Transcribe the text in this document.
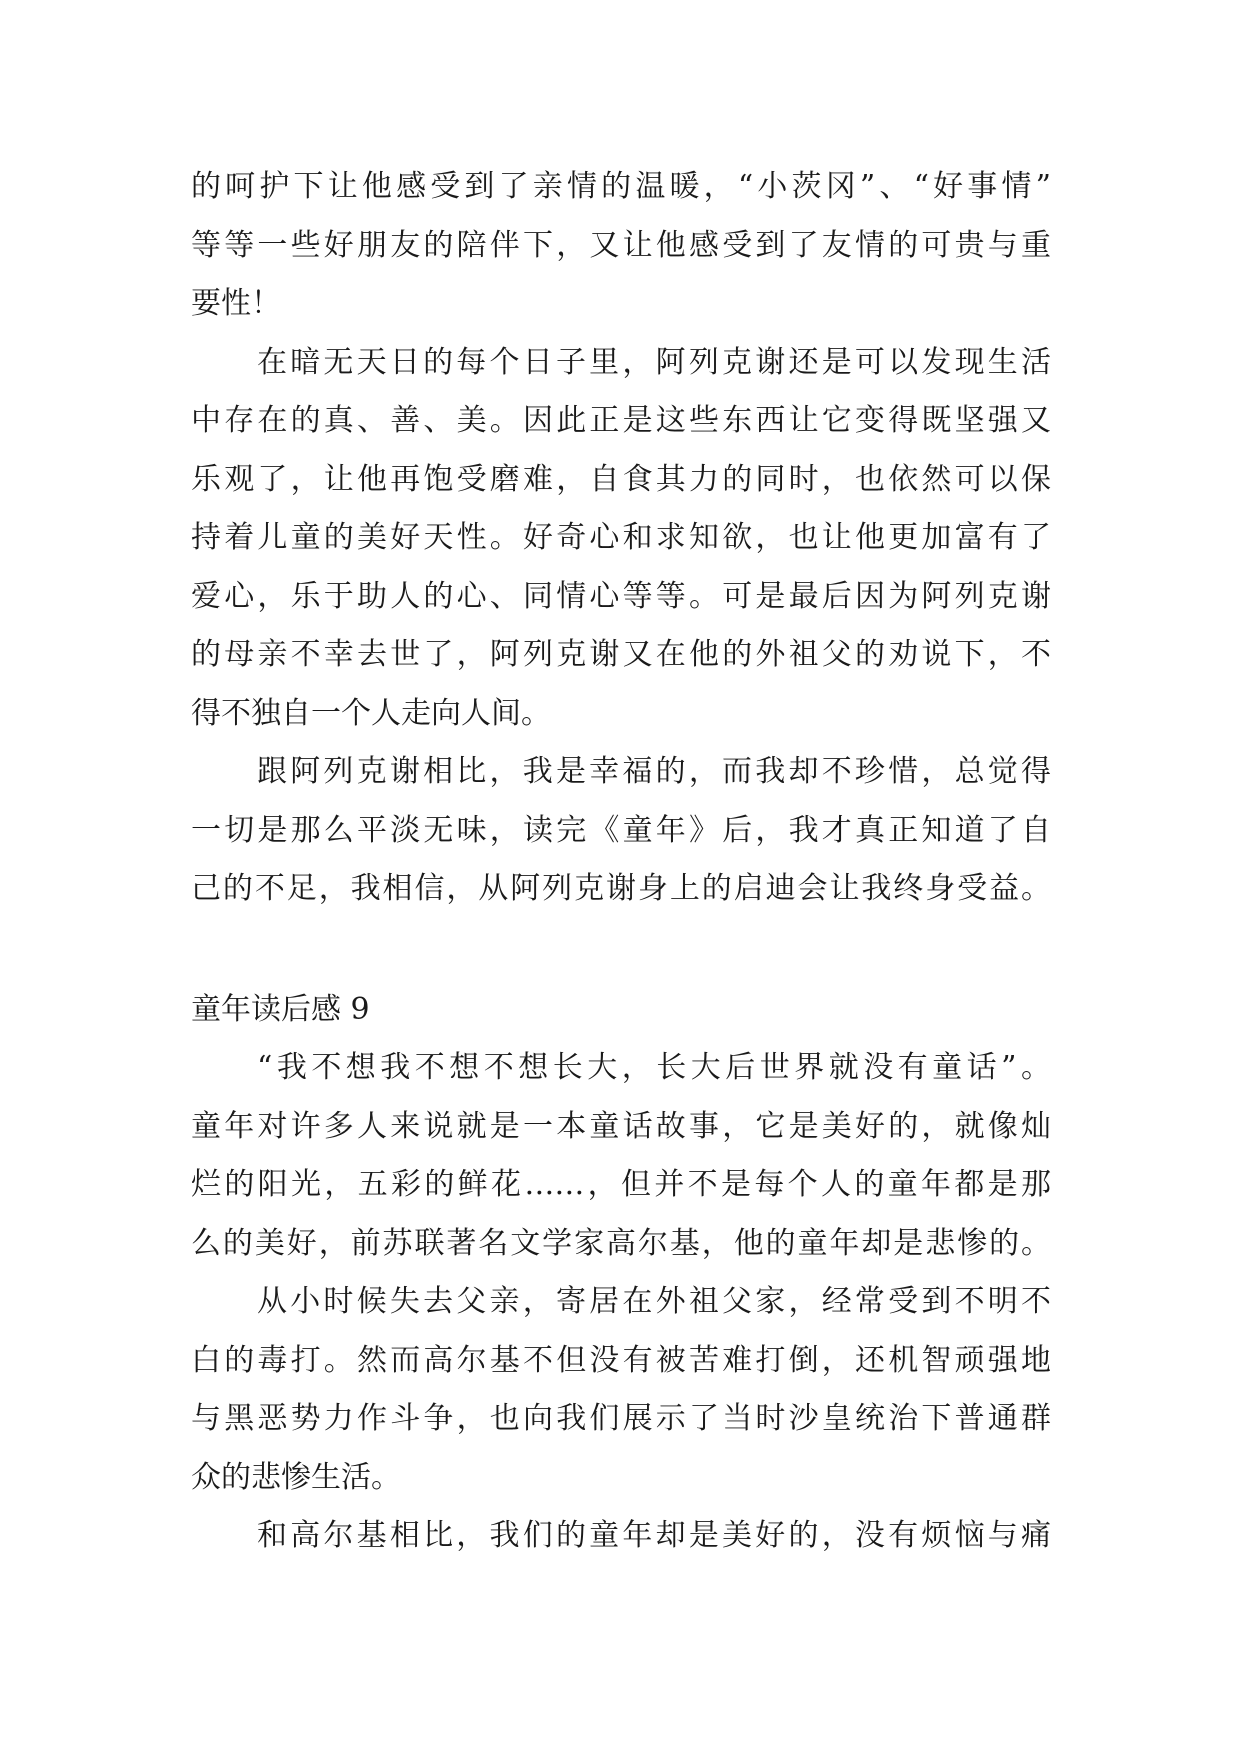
的呵护下让他感受到了亲情的温暖，“小茨冈”、“好事情”
等等一些好朋友的陪伴下，又让他感受到了友情的可贵与重
要性！
在暗无天日的每个日子里，阿列克谢还是可以发现生活
中存在的真、善、美。因此正是这些东西让它变得既坚强又
乐观了，让他再饱受磨难，自食其力的同时，也依然可以保
持着儿童的美好天性。好奇心和求知欲，也让他更加富有了
爱心，乐于助人的心、同情心等等。可是最后因为阿列克谢
的母亲不幸去世了，阿列克谢又在他的外祖父的劝说下，不
得不独自一个人走向人间。
跟阿列克谢相比，我是幸福的，而我却不珍惜，总觉得
一切是那么平淡无味，读完《童年》后，我才真正知道了自
己的不足，我相信，从阿列克谢身上的启迪会让我终身受益。
童年读后感 9
“我不想我不想不想长大，长大后世界就没有童话”。
童年对许多人来说就是一本童话故事，它是美好的，就像灿
烂的阳光，五彩的鲜花……，但并不是每个人的童年都是那
么的美好，前苏联著名文学家高尔基，他的童年却是悲惨的。
从小时候失去父亲，寄居在外祖父家，经常受到不明不
白的毒打。然而高尔基不但没有被苦难打倒，还机智顽强地
与黑恶势力作斗争，也向我们展示了当时沙皇统治下普通群
众的悲惨生活。
和高尔基相比，我们的童年却是美好的，没有烦恼与痛
